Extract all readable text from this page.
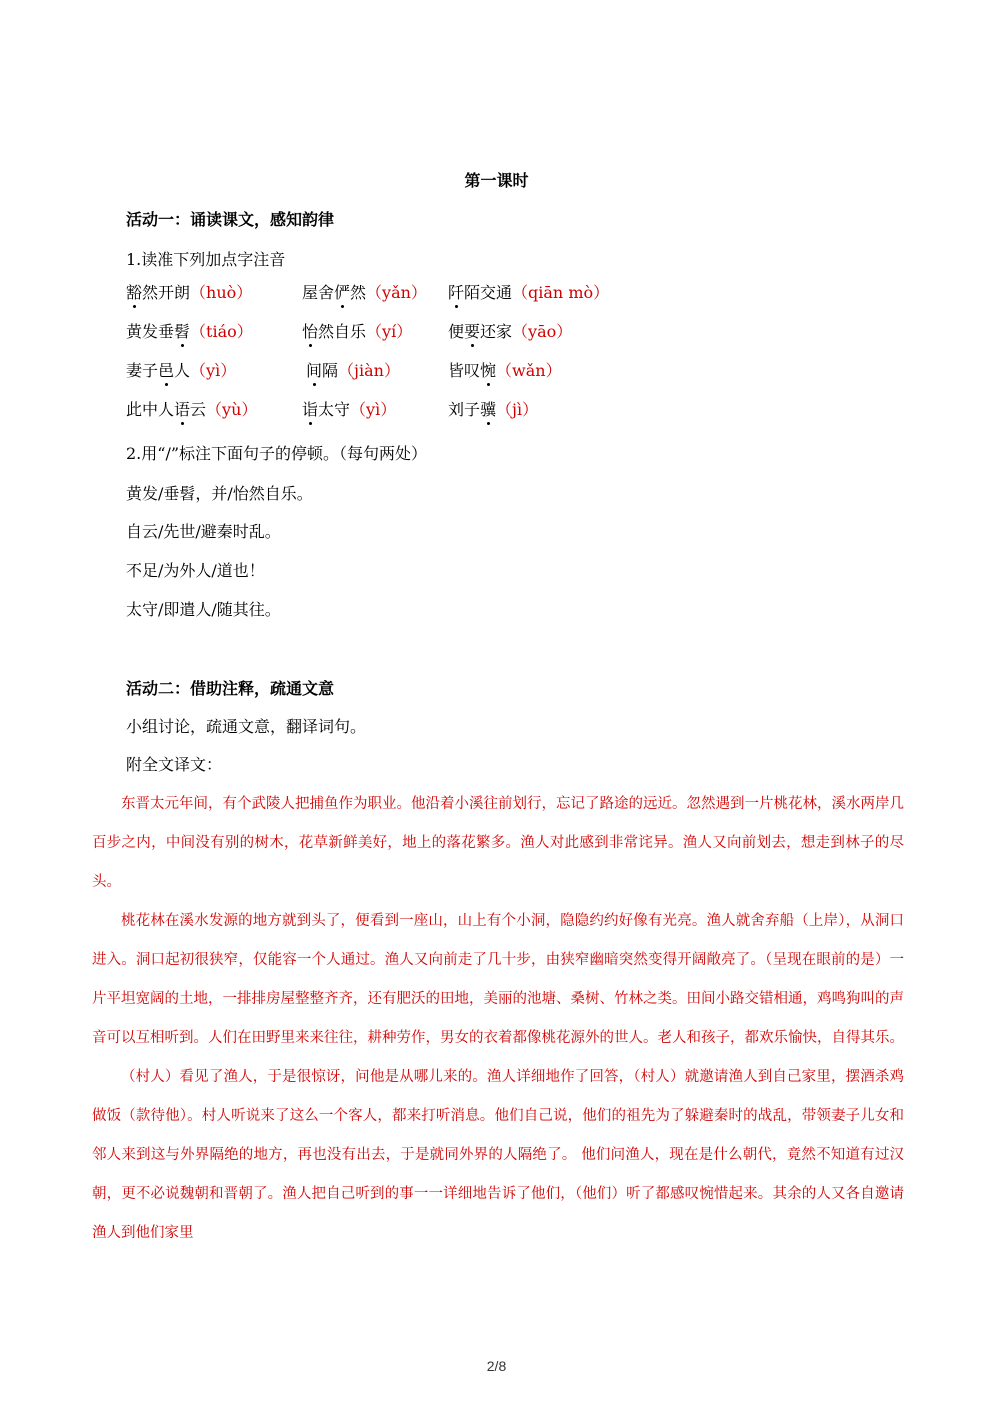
第一课时
活动一：诵读课文，感知韵律
1.读准下列加点字注音
豁然开朗（huò）	屋舍俨然（yǎn） 阡陌交通（qiān mò）
黄发垂髫（tiáo）	怡然自乐（yí） 便要还家（yāo）
妻子邑人（yì）	间隔（jiàn）	皆叹惋（wǎn）
此中人语云（yù）	诣太守（yì）	刘子骥（jì）
2.用“/”标注下面句子的停顿。（每句两处）
黄发/垂髫，并/怡然自乐。
自云/先世/避秦时乱。
不足/为外人/道也！
太守/即遣人/随其往。
活动二：借助注释，疏通文意
小组讨论，疏通文意，翻译词句。
附全文译文：

东晋太元年间，有个武陵人把捕鱼作为职业。他沿着小溪往前划行，忘记了路途的远近。忽然遇到一片桃花林，溪水两岸几百步之内，中间没有别的树木，花草新鲜美好，地上的落花繁多。渔人对此感到非常诧异。渔人又向前划去，想走到林子的尽头。

桃花林在溪水发源的地方就到头了，便看到一座山，山上有个小洞，隐隐约约好像有光亮。渔人就舍弃船（上岸），从洞口进入。洞口起初很狭窄，仅能容一个人通过。渔人又向前走了几十步，由狭窄幽暗突然变得开阔敞亮了。（呈现在眼前的是）一片平坦宽阔的土地，一排排房屋整整齐齐，还有肥沃的田地，美丽的池塘、桑树、竹林之类。田间小路交错相通，鸡鸣狗叫的声音可以互相听到。人们在田野里来来往往，耕种劳作，男女的衣着都像桃花源外的世人。老人和孩子，都欢乐愉快，自得其乐。

（村人）看见了渔人，于是很惊讶，问他是从哪儿来的。渔人详细地作了回答，（村人）就邀请渔人到自己家里，摆酒杀鸡做饭（款待他）。村人听说来了这么一个客人，都来打听消息。他们自己说，他们的祖先为了躲避秦时的战乱，带领妻子儿女和邻人来到这与外界隔绝的地方，再也没有出去，于是就同外界的人隔绝了。 他们问渔人，现在是什么朝代，竟然不知道有过汉朝，更不必说魏朝和晋朝了。渔人把自己听到的事一一详细地告诉了他们，（他们）听了都感叹惋惜起来。其余的人又各自邀请渔人到他们家里

2/8
